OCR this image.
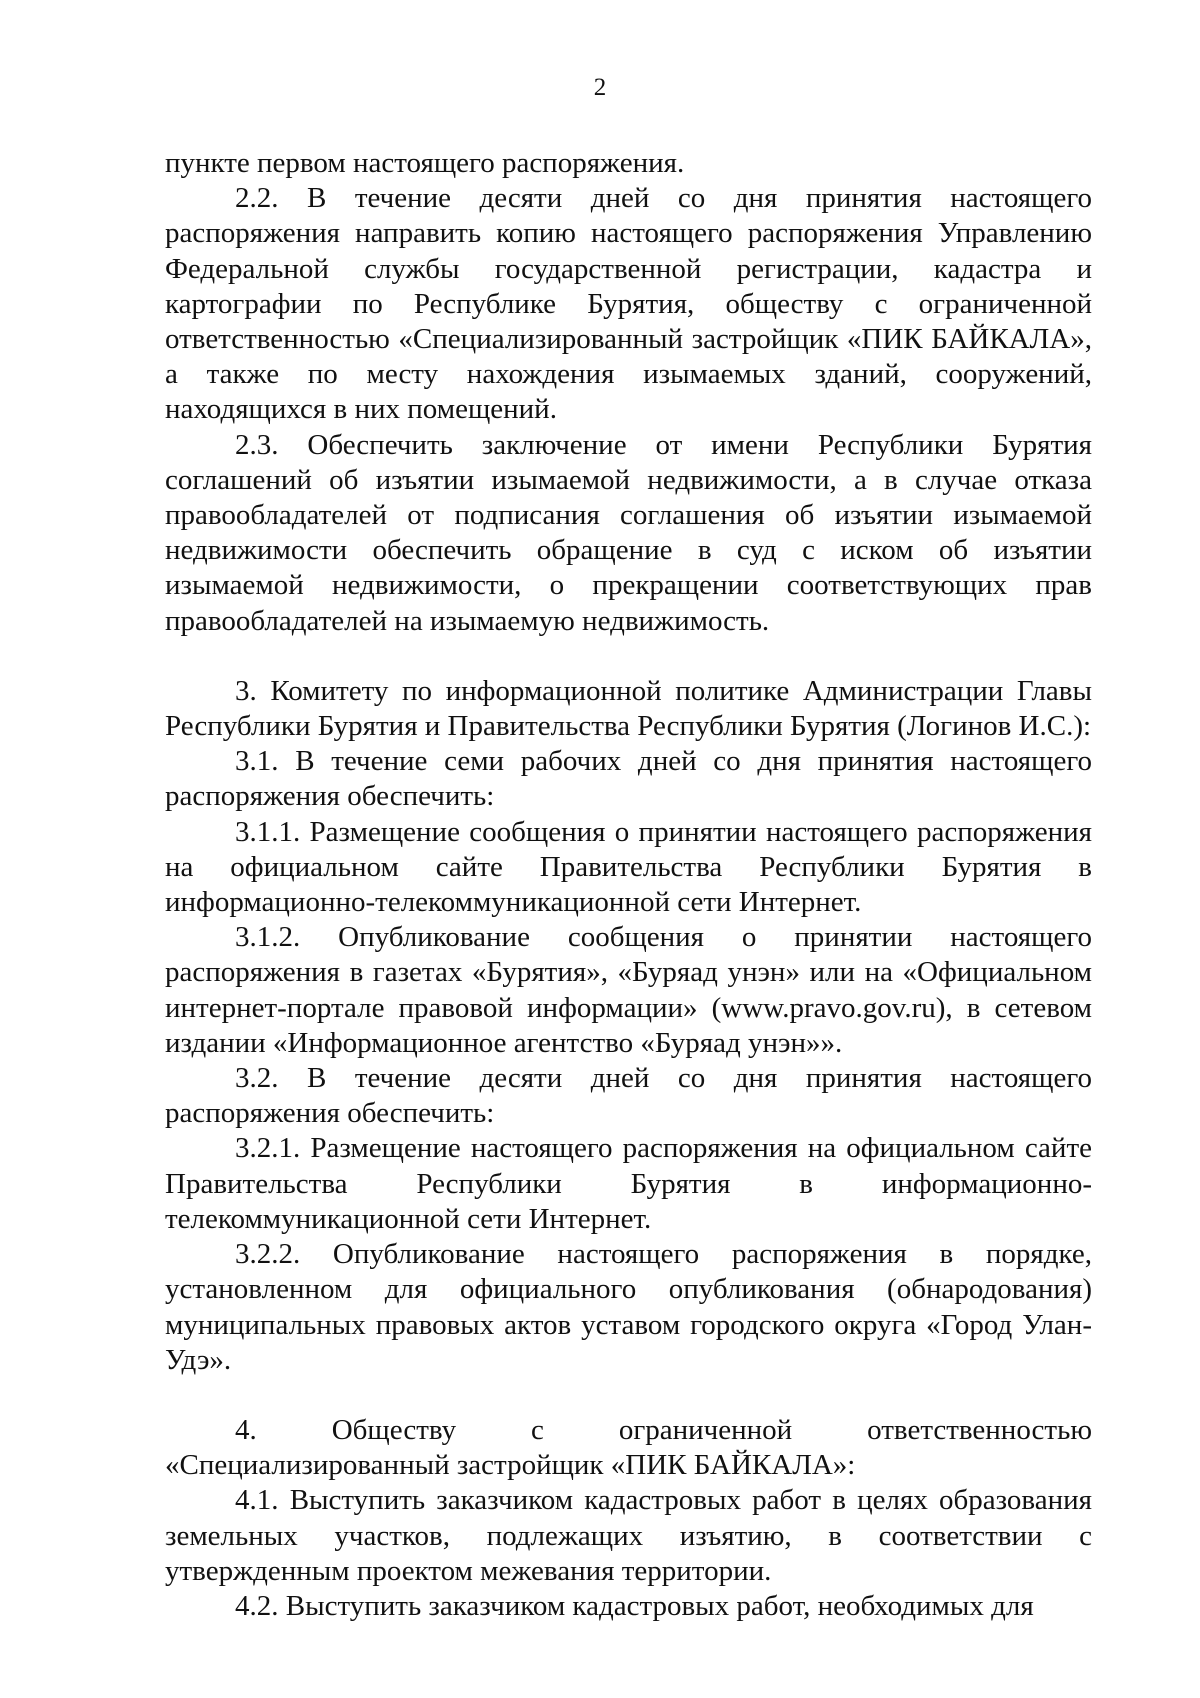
2

пункте первом настоящего распоряжения.

2.2. В течение десяти дней со дня принятия настоящего распоряжения направить копию настоящего распоряжения Управлению Федеральной службы государственной регистрации, кадастра и картографии по Республике Бурятия, обществу с ограниченной ответственностью «Специализированный застройщик «ПИК БАЙКАЛА», а также по месту нахождения изымаемых зданий, сооружений, находящихся в них помещений.

2.3. Обеспечить заключение от имени Республики Бурятия соглашений об изъятии изымаемой недвижимости, а в случае отказа правообладателей от подписания соглашения об изъятии изымаемой недвижимости обеспечить обращение в суд с иском об изъятии изымаемой недвижимости, о прекращении соответствующих прав правообладателей на изымаемую недвижимость.

3. Комитету по информационной политике Администрации Главы Республики Бурятия и Правительства Республики Бурятия (Логинов И.С.):

3.1. В течение семи рабочих дней со дня принятия настоящего распоряжения обеспечить:

3.1.1. Размещение сообщения о принятии настоящего распоряжения на официальном сайте Правительства Республики Бурятия в информационно-телекоммуникационной сети Интернет.

3.1.2. Опубликование сообщения о принятии настоящего распоряжения в газетах «Бурятия», «Буряад унэн» или на «Официальном интернет-портале правовой информации» (www.pravo.gov.ru), в сетевом издании «Информационное агентство «Буряад унэн»».

3.2. В течение десяти дней со дня принятия настоящего распоряжения обеспечить:

3.2.1. Размещение настоящего распоряжения на официальном сайте Правительства Республики Бурятия в информационно-телекоммуникационной сети Интернет.

3.2.2. Опубликование настоящего распоряжения в порядке, установленном для официального опубликования (обнародования) муниципальных правовых актов уставом городского округа «Город Улан-Удэ».

4. Обществу с ограниченной ответственностью «Специализированный застройщик «ПИК БАЙКАЛА»:

4.1. Выступить заказчиком кадастровых работ в целях образования земельных участков, подлежащих изъятию, в соответствии с утвержденным проектом межевания территории.

4.2. Выступить заказчиком кадастровых работ, необходимых для
